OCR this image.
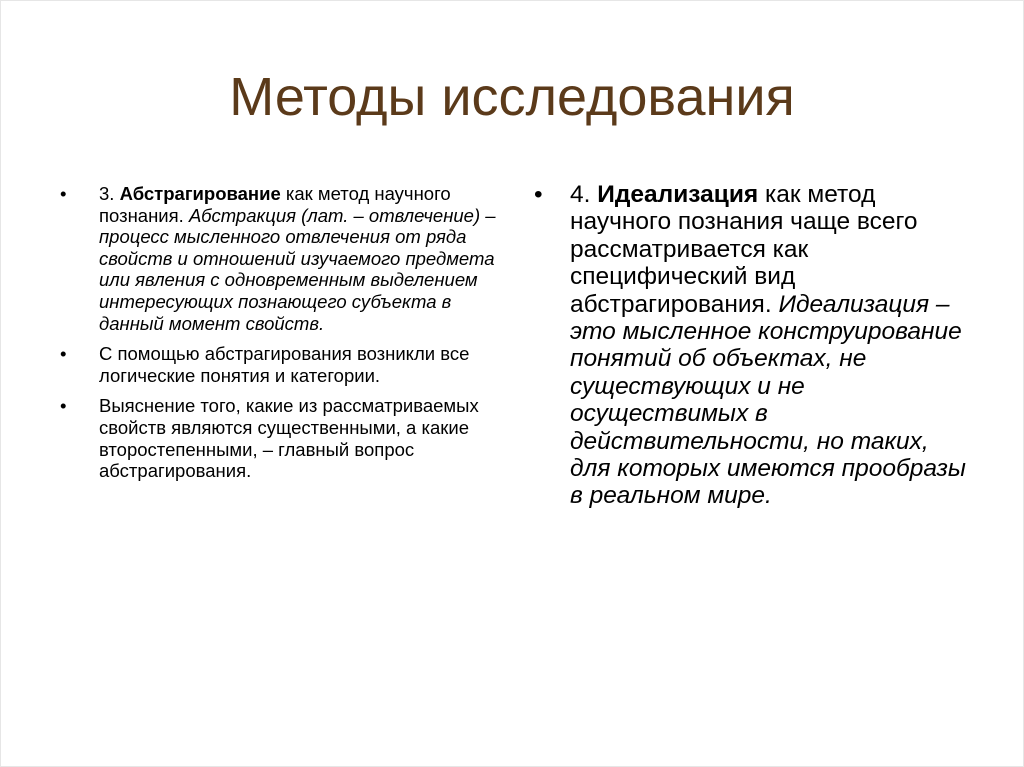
Методы исследования
•
3. Абстрагирование как метод научного познания. Абстракция (лат. – отвлечение) – процесс мысленного отвлечения от ряда свойств и отношений изучаемого предмета или явления с одновременным выделением интересующих познающего субъекта в данный момент свойств.
•
С помощью абстрагирования возникли все логические понятия и категории.
•
Выяснение того, какие из рассматриваемых свойств являются существенными, а какие второстепенными, – главный вопрос абстрагирования.
•
4. Идеализация как метод научного познания чаще всего рассматривается как специфический вид абстрагирования. Идеализация – это мысленное конструирование понятий об объектах, не существующих и не осуществимых в действительности, но таких, для которых имеются прообразы в реальном мире.
